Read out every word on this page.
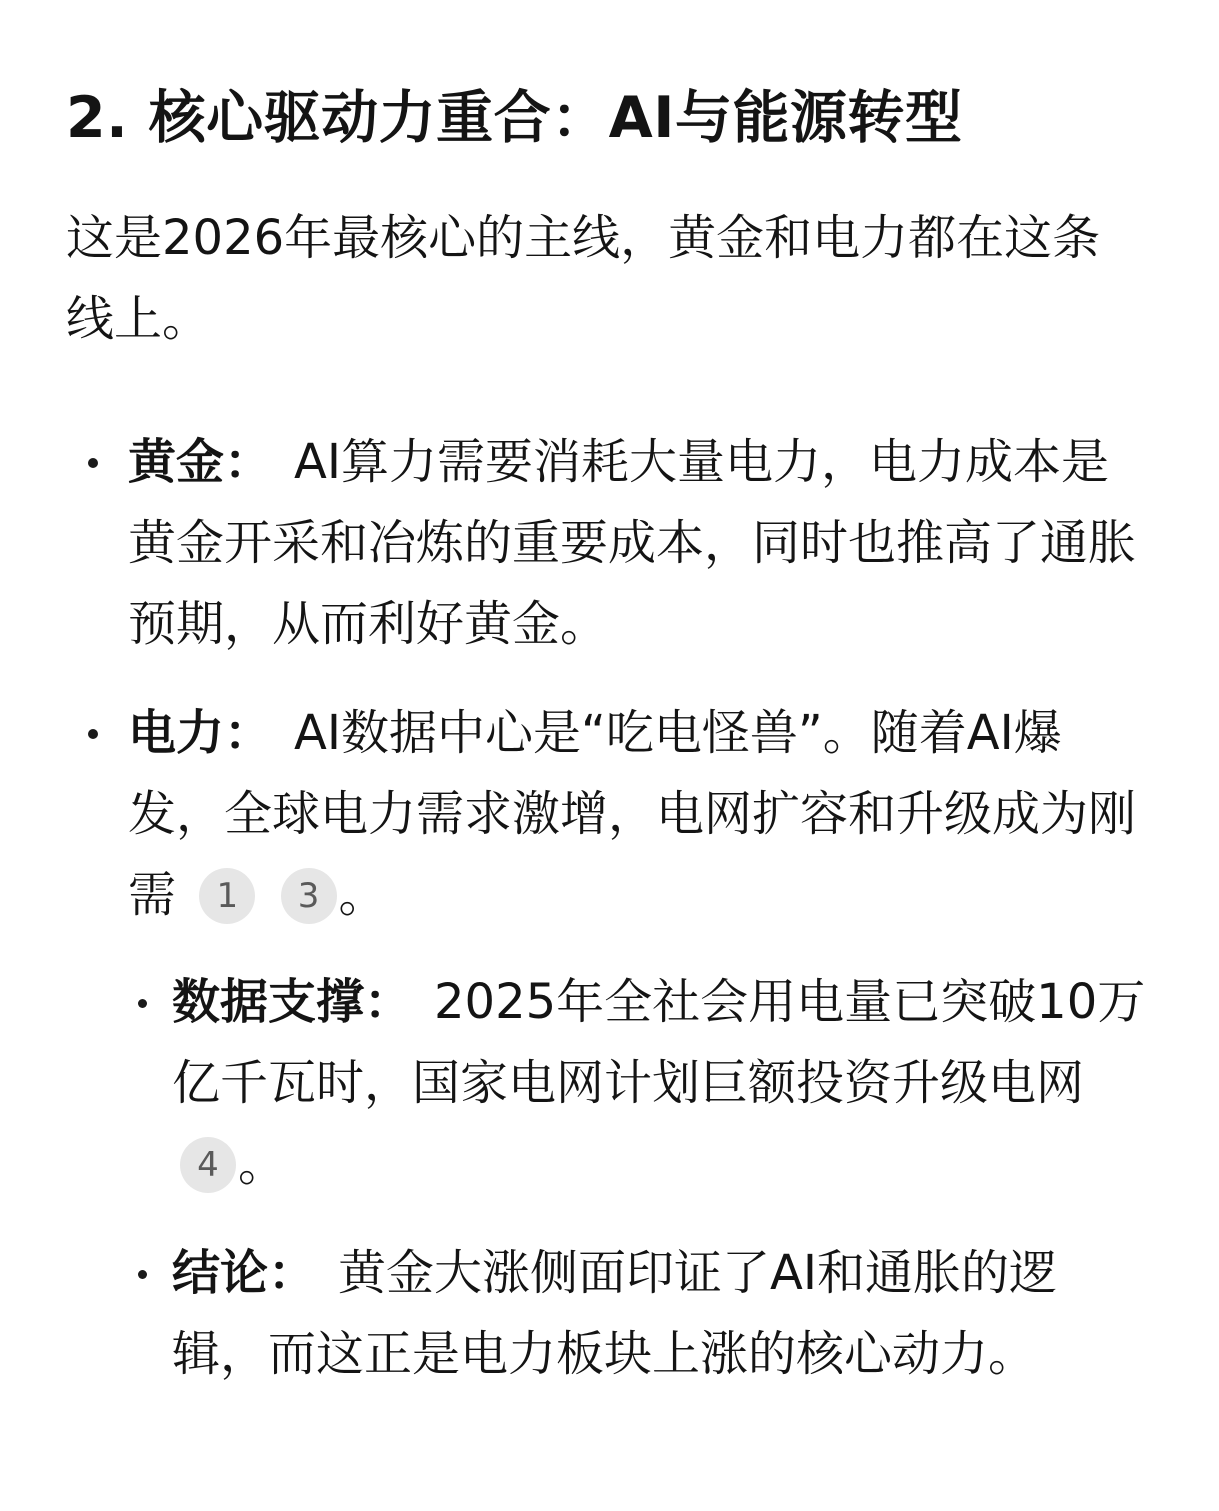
2. 核心驱动力重合：AI与能源转型

这是2026年最核心的主线，黄金和电力都在这条线上。

黄金： AI算力需要消耗大量电力，电力成本是黄金开采和冶炼的重要成本，同时也推高了通胀预期，从而利好黄金。
电力： AI数据中心是“吃电怪兽”。随着AI爆发，全球电力需求激增，电网扩容和升级成为刚需 1 3 。
数据支撑： 2025年全社会用电量已突破10万亿千瓦时，国家电网计划巨额投资升级电网 4 。
结论： 黄金大涨侧面印证了AI和通胀的逻辑，而这正是电力板块上涨的核心动力。
